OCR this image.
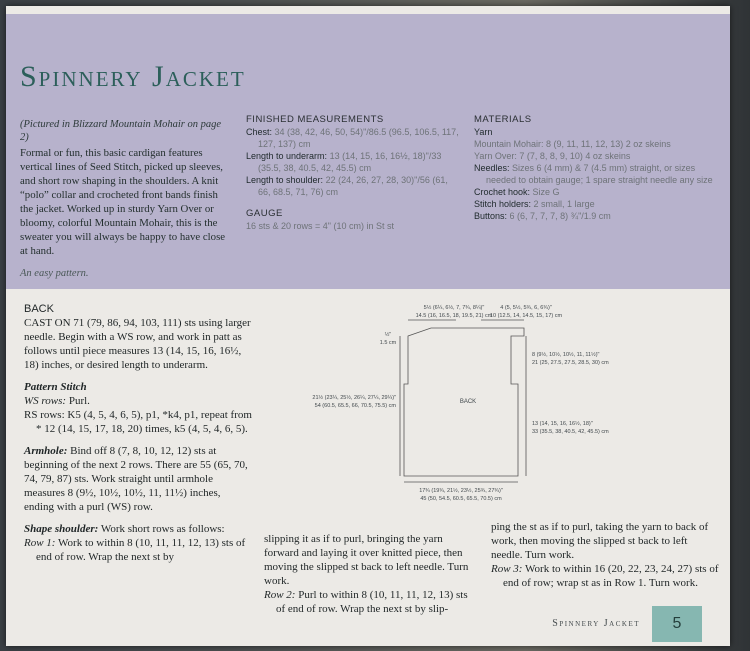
Spinnery Jacket
(Pictured in Blizzard Mountain Mohair on page 2)
Formal or fun, this basic cardigan features vertical lines of Seed Stitch, picked up sleeves, and short row shaping in the shoulders. A knit “polo” collar and crocheted front bands finish the jacket. Worked up in sturdy Yarn Over or bloomy, colorful Mountain Mohair, this is the sweater you will always be happy to have close at hand.
An easy pattern.
FINISHED MEASUREMENTS
Chest: 34 (38, 42, 46, 50, 54)"/86.5 (96.5, 106.5, 117, 127, 137) cm
Length to underarm: 13 (14, 15, 16, 16½, 18)"/33 (35.5, 38, 40.5, 42, 45.5) cm
Length to shoulder: 22 (24, 26, 27, 28, 30)"/56 (61, 66, 68.5, 71, 76) cm
GAUGE
16 sts & 20 rows = 4" (10 cm) in St st
MATERIALS
Yarn
Mountain Mohair: 8 (9, 11, 11, 12, 13) 2 oz skeins
Yarn Over: 7 (7, 8, 8, 9, 10) 4 oz skeins
Needles: Sizes 6 (4 mm) & 7 (4.5 mm) straight, or sizes needed to obtain gauge; 1 spare straight needle any size
Crochet hook: Size G
Stitch holders: 2 small, 1 large
Buttons: 6 (6, 7, 7, 7, 8) ¾"/1.9 cm

BACK

CAST ON 71 (79, 86, 94, 103, 111) sts using larger needle. Begin with a WS row, and work in patt as follows until piece measures 13 (14, 15, 16, 16½, 18) inches, or desired length to underarm.

Pattern Stitch

WS rows: Purl.

RS rows: K5 (4, 5, 4, 6, 5), p1, *k4, p1, repeat from * 12 (14, 15, 17, 18, 20) times, k5 (4, 5, 4, 6, 5).

Armhole: Bind off 8 (7, 8, 10, 12, 12) sts at beginning of the next 2 rows. There are 55 (65, 70, 74, 79, 87) sts. Work straight until armhole measures 8 (9½, 10½, 10½, 11, 11½) inches, ending with a purl (WS) row.

Shape shoulder: Work short rows as follows:

Row 1: Work to within 8 (10, 11, 11, 12, 13) sts of end of row. Wrap the next st by

5½ (6¼, 6½, 7, 7¾, 8¼)"
14.5 (16, 16.5, 18, 19.5, 21) cm
4 (5, 5½, 5¾, 6, 6¾)"
10 (12.5, 14, 14.5, 15, 17) cm
½"
1.5 cm
8 (9½, 10½, 10½, 11, 11½)"
21 (25, 27.5, 27.5, 28.5, 30) cm
21½ (23¼, 25½, 26¼, 27¼, 29¼)"
54 (60.5, 65.5, 66, 70.5, 75.5) cm
BACK
13 (14, 15, 16, 16½, 18)"
33 (35.5, 38, 40.5, 42, 45.5) cm
17¾ (19¾, 21½, 23½, 25¾, 27¾)"
45 (50, 54.5, 60.5, 65.5, 70.5) cm

slipping it as if to purl, bringing the yarn forward and laying it over knitted piece, then moving the slipped st back to left needle. Turn work.

Row 2: Purl to within 8 (10, 11, 11, 12, 13) sts of end of row. Wrap the next st by slip-

ping the st as if to purl, taking the yarn to back of work, then moving the slipped st back to left needle. Turn work.

Row 3: Work to within 16 (20, 22, 23, 24, 27) sts of end of row; wrap st as in Row 1. Turn work.

Spinnery Jacket	5
